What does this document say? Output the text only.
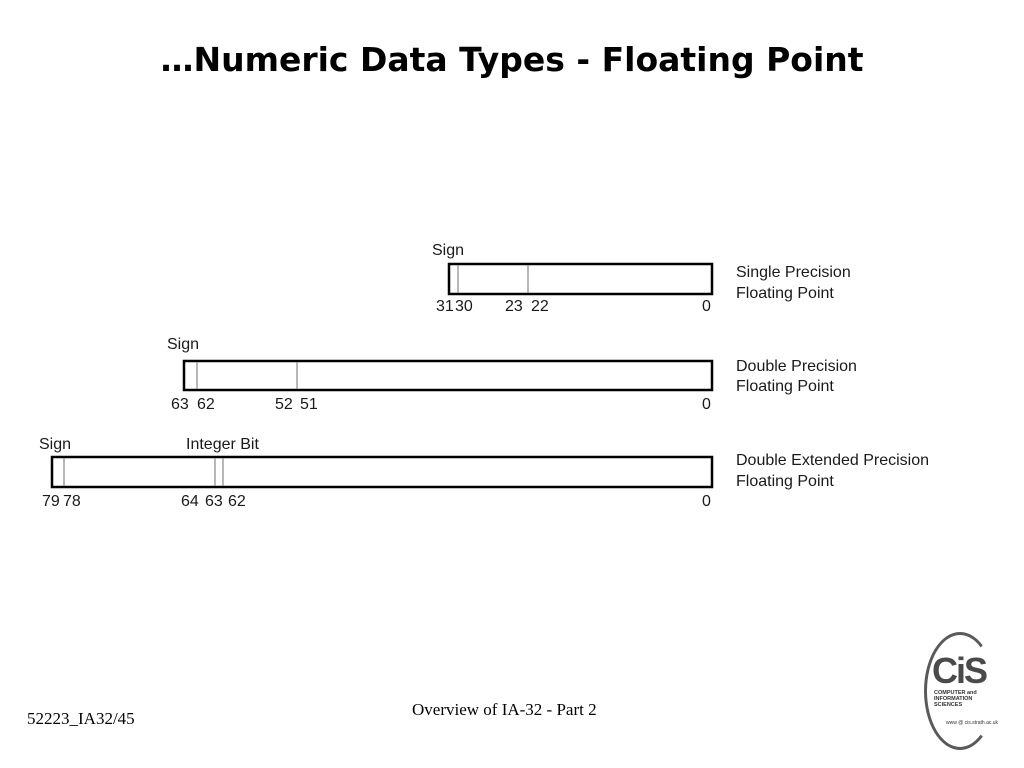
…Numeric Data Types - Floating Point
Sign
31 30 23 22	0
Single Precision
Floating Point
Sign
63 62	52 51	0
Double Precision
Floating Point
Sign	Integer Bit
79 78	64 63 62	0
Double Extended Precision
Floating Point
52223_IA32/45	Overview of IA-32 - Part 2
CiS
COMPUTER and
INFORMATION
SCIENCES
www @ cis.strath.ac.uk
